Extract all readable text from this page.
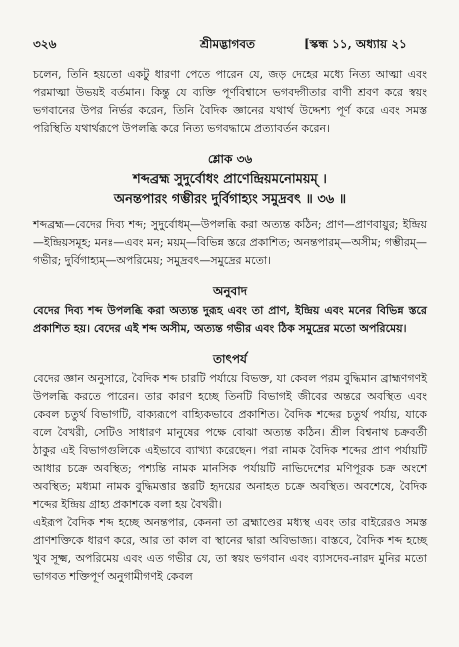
৩২৬	শ্রীমদ্ভাগবত	[স্কন্ধ ১১, অধ্যায় ২১

চলেন, তিনি হয়তো একটু ধারণা পেতে পারেন যে, জড় দেহের মধ্যে নিত্য আত্মা এবং পরমাত্মা উভয়ই বর্তমান। কিন্তু যে ব্যক্তি পূর্ণবিশ্বাসে ভগবদ্গীতার বাণী শ্রবণ করে স্বয়ং ভগবানের উপর নির্ভর করেন, তিনি বৈদিক জ্ঞানের যথার্থ উদ্দেশ্য পূর্ণ করে এবং সমস্ত পরিস্থিতি যথার্থরূপে উপলব্ধি করে নিত্য ভগবদ্ধামে প্রত্যাবর্তন করেন।

শ্লোক ৩৬
শব্দব্রহ্ম সুদুর্বোধং প্রাণেন্দ্রিয়মনোময়ম্ ।
অনন্তপারং গম্ভীরং দুর্বিগাহ্যং সমুদ্রবৎ ॥ ৩৬ ॥

শব্দব্রহ্ম—বেদের দিব্য শব্দ; সুদুর্বোধম্—উপলব্ধি করা অত্যন্ত কঠিন; প্রাণ—প্রাণবায়ুর; ইন্দ্রিয়—ইন্দ্রিয়সমূহ; মনঃ—এবং মন; ময়ম্—বিভিন্ন স্তরে প্রকাশিত; অনন্তপারম্—অসীম; গম্ভীরম্—গভীর; দুর্বিগাহ্যম্—অপরিমেয়; সমুদ্রবৎ—সমুদ্রের মতো।

অনুবাদ

বেদের দিব্য শব্দ উপলব্ধি করা অত্যন্ত দুরূহ এবং তা প্রাণ, ইন্দ্রিয় এবং মনের বিভিন্ন স্তরে প্রকাশিত হয়। বেদের এই শব্দ অসীম, অত্যন্ত গভীর এবং ঠিক সমুদ্রের মতো অপরিমেয়।

তাৎপর্য

বেদের জ্ঞান অনুসারে, বৈদিক শব্দ চারটি পর্যায়ে বিভক্ত, যা কেবল পরম বুদ্ধিমান ব্রাহ্মণগণই উপলব্ধি করতে পারেন। তার কারণ হচ্ছে তিনটি বিভাগই জীবের অন্তরে অবস্থিত এবং কেবল চতুর্থ বিভাগটি, বাক্যরূপে বাহ্যিকভাবে প্রকাশিত। বৈদিক শব্দের চতুর্থ পর্যায়, যাকে বলে বৈখরী, সেটিও সাধারণ মানুষের পক্ষে বোঝা অত্যন্ত কঠিন। শ্রীল বিশ্বনাথ চক্রবর্তী ঠাকুর এই বিভাগগুলিকে এইভাবে ব্যাখ্যা করেছেন। পরা নামক বৈদিক শব্দের প্রাণ পর্যায়টি আধার চক্রে অবস্থিত; পশ্যন্তি নামক মানসিক পর্যায়টি নাভিদেশের মণিপূরক চক্র অংশে অবস্থিত; মধ্যমা নামক বুদ্ধিমত্তার স্তরটি হৃদয়ের অনাহত চক্রে অবস্থিত। অবশেষে, বৈদিক শব্দের ইন্দ্রিয় গ্রাহ্য প্রকাশকে বলা হয় বৈখরী।

এইরূপ বৈদিক শব্দ হচ্ছে অনন্তপার, কেননা তা ব্রহ্মাণ্ডের মধ্যস্থ এবং তার বাইরেরও সমস্ত প্রাণশক্তিকে ধারণ করে, আর তা কাল বা স্থানের দ্বারা অবিভাজ্য। বাস্তবে, বৈদিক শব্দ হচ্ছে খুব সূক্ষ্ম, অপরিমেয় এবং এত গভীর যে, তা স্বয়ং ভগবান এবং ব্যাসদেব-নারদ মুনির মতো ভাগবত শক্তিপূর্ণ অনুগামীগণই কেবল
